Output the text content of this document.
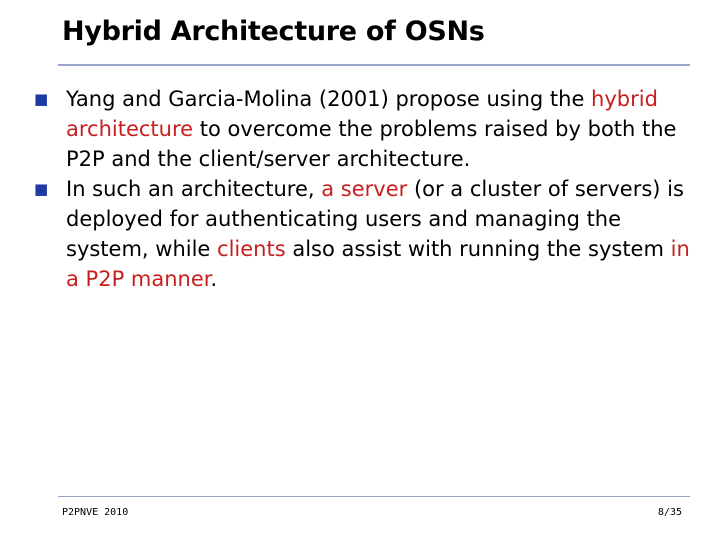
Hybrid Architecture of OSNs
■ Yang and Garcia-Molina (2001) propose using the hybrid architecture to overcome the problems raised by both the P2P and the client/server architecture.
■ In such an architecture, a server (or a cluster of servers) is deployed for authenticating users and managing the system, while clients also assist with running the system in a P2P manner.
P2PNVE 2010	8/35
